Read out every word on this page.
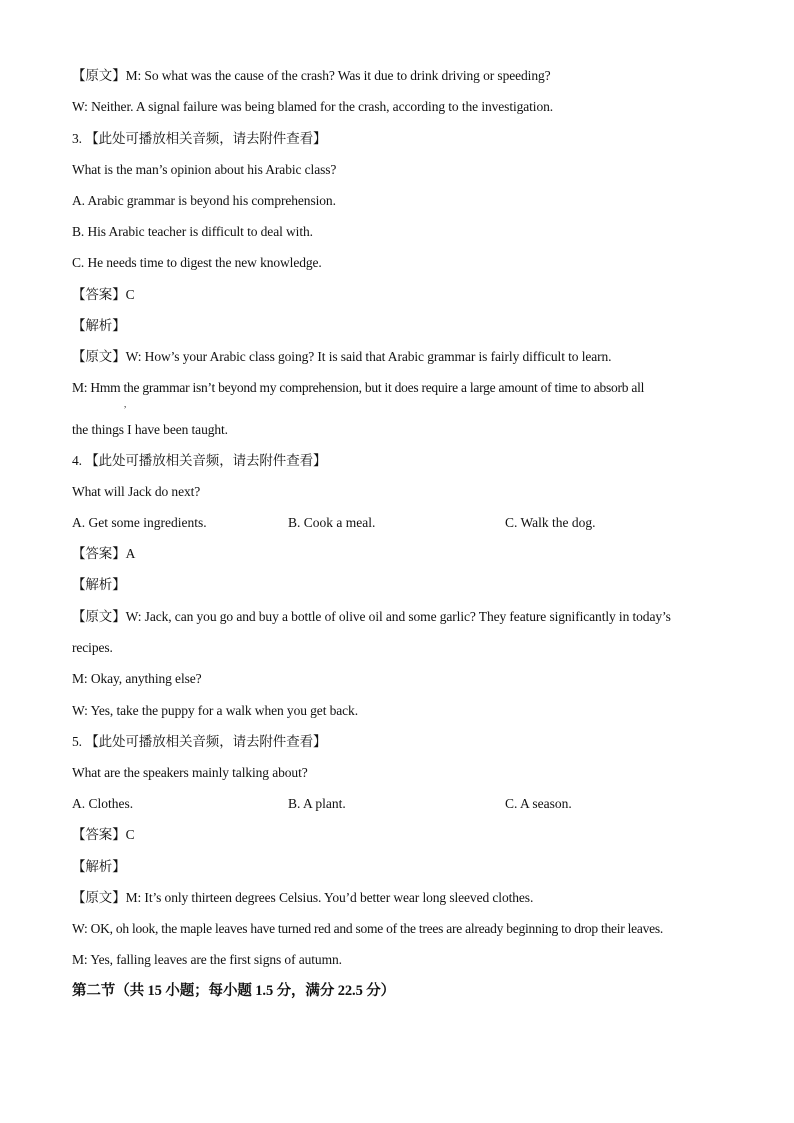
【原文】M: So what was the cause of the crash? Was it due to drink driving or speeding?
W: Neither. A signal failure was being blamed for the crash, according to the investigation.
3. 【此处可播放相关音频，请去附件查看】
What is the man’s opinion about his Arabic class?
A. Arabic grammar is beyond his comprehension.
B. His Arabic teacher is difficult to deal with.
C. He needs time to digest the new knowledge.
【答案】C
【解析】
【原文】W: How’s your Arabic class going? It is said that Arabic grammar is fairly difficult to learn.
M: Hmm the grammar isn’t beyond my comprehension, but it does require a large amount of time to absorb all
,
the things I have been taught.
4. 【此处可播放相关音频，请去附件查看】
What will Jack do next?
A. Get some ingredients.	B. Cook a meal.	C. Walk the dog.
【答案】A
【解析】
【原文】W: Jack, can you go and buy a bottle of olive oil and some garlic? They feature significantly in today’s
recipes.
M: Okay, anything else?
W: Yes, take the puppy for a walk when you get back.
5. 【此处可播放相关音频，请去附件查看】
What are the speakers mainly talking about?
A. Clothes.	B. A plant.	C. A season.
【答案】C
【解析】
【原文】M: It’s only thirteen degrees Celsius. You’d better wear long sleeved clothes.
W: OK, oh look, the maple leaves have turned red and some of the trees are already beginning to drop their leaves.
M: Yes, falling leaves are the first signs of autumn.
第二节（共 15 小题；每小题 1.5 分，满分 22.5 分）
